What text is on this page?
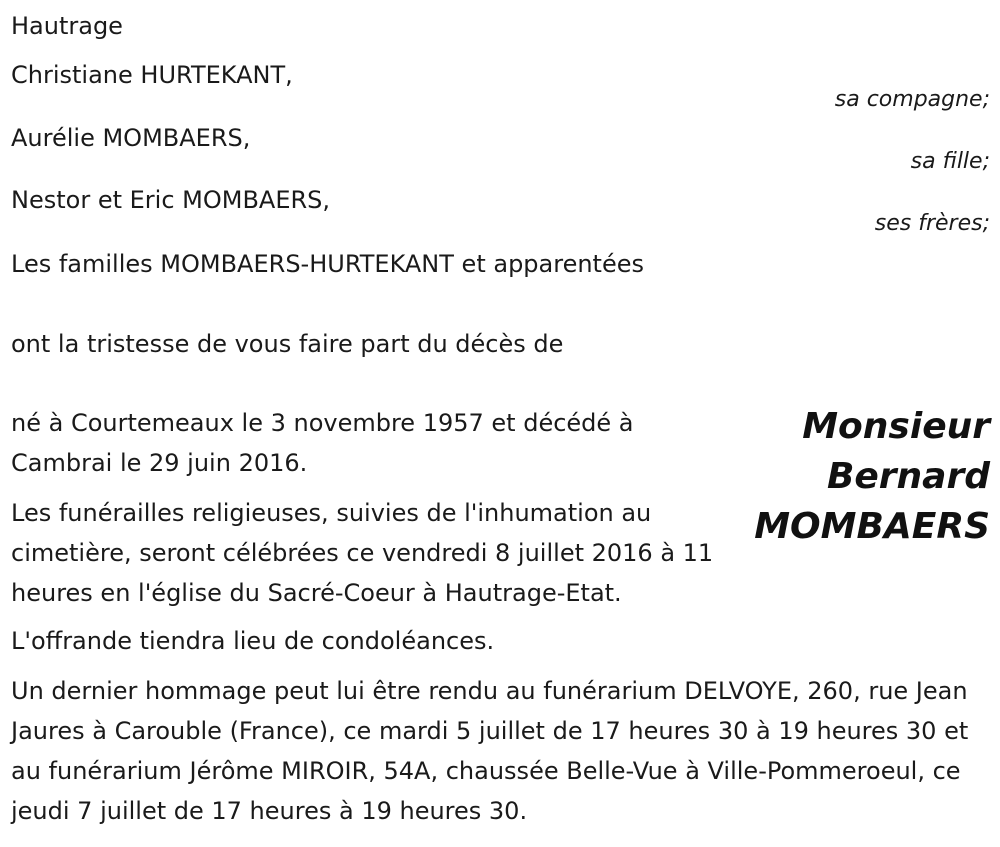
Hautrage
Christiane HURTEKANT,
sa compagne;
Aurélie MOMBAERS,
sa fille;
Nestor et Eric MOMBAERS,
ses frères;
Les familles MOMBAERS-HURTEKANT et apparentées
ont la tristesse de vous faire part du décès de
Monsieur
Bernard
MOMBAERS
né à Courtemeaux le 3 novembre 1957 et décédé à Cambrai le 29 juin 2016.
Les funérailles religieuses, suivies de l'inhumation au cimetière, seront célébrées ce vendredi 8 juillet 2016 à 11 heures en l'église du Sacré-Coeur à Hautrage-Etat.
L'offrande tiendra lieu de condoléances.
Un dernier hommage peut lui être rendu au funérarium DELVOYE, 260, rue Jean Jaures à Carouble (France), ce mardi 5 juillet de 17 heures 30 à 19 heures 30 et au funérarium Jérôme MIROIR, 54A, chaussée Belle-Vue à Ville-Pommeroeul, ce jeudi 7 juillet de 17 heures à 19 heures 30.
